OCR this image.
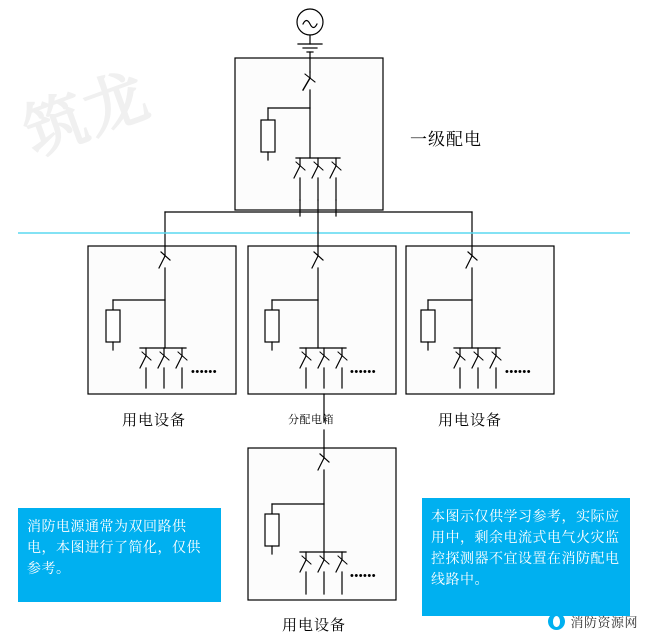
筑龙
••••••	••••••	••••••
••••••
一级配电
用电设备	分配电箱	用电设备
用电设备
消防电源通常为双回路供电，本图进行了简化，仅供参考。
本图示仅供学习参考，实际应用中，剩余电流式电气火灾监控探测器不宜设置在消防配电线路中。
消防资源网
